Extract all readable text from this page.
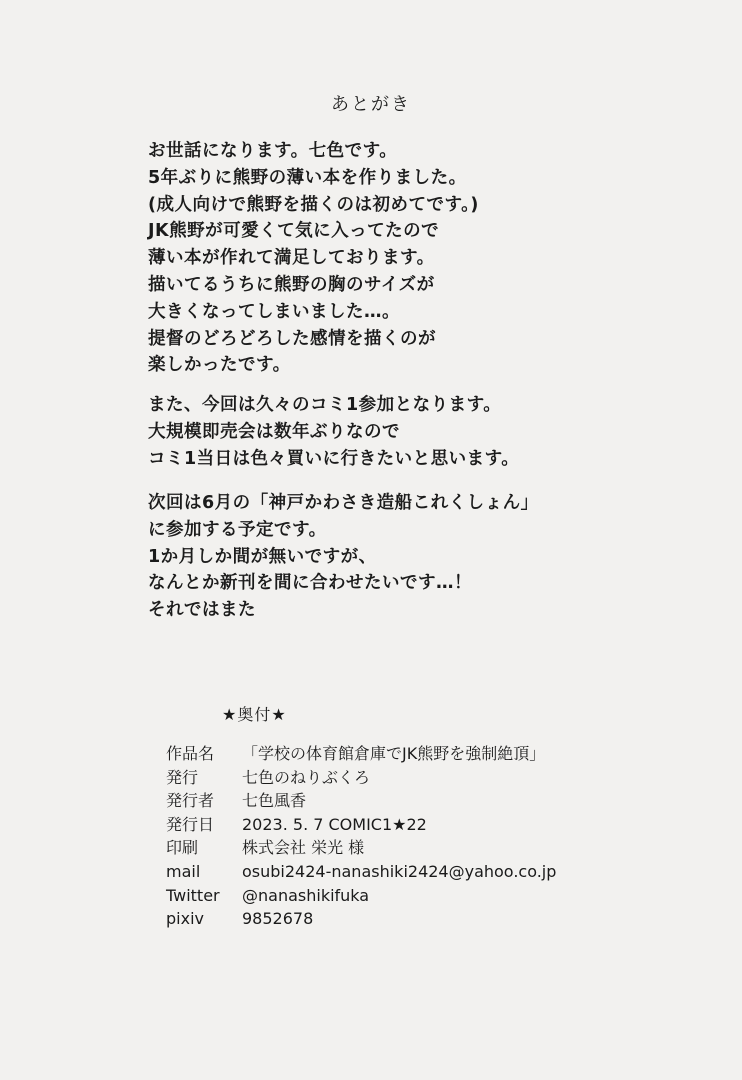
あとがき
お世話になります。七色です。
5年ぶりに熊野の薄い本を作りました。
(成人向けで熊野を描くのは初めてです。)
JK熊野が可愛くて気に入ってたので
薄い本が作れて満足しております。
描いてるうちに熊野の胸のサイズが
大きくなってしまいました…。
提督のどろどろした感情を描くのが
楽しかったです。
また、今回は久々のコミ1参加となります。
大規模即売会は数年ぶりなので
コミ1当日は色々買いに行きたいと思います。
次回は6月の「神戸かわさき造船これくしょん」
に参加する予定です。
1か月しか間が無いですが、
なんとか新刊を間に合わせたいです…！
それではまた
★奥付★
作品名	「学校の体育館倉庫でJK熊野を強制絶頂」
発行	七色のねりぶくろ
発行者	七色風香
発行日	2023. 5. 7 COMIC1★22
印刷	株式会社 栄光 様
mail	osubi2424-nanashiki2424@yahoo.co.jp
Twitter	@nanashikifuka
pixiv	9852678
